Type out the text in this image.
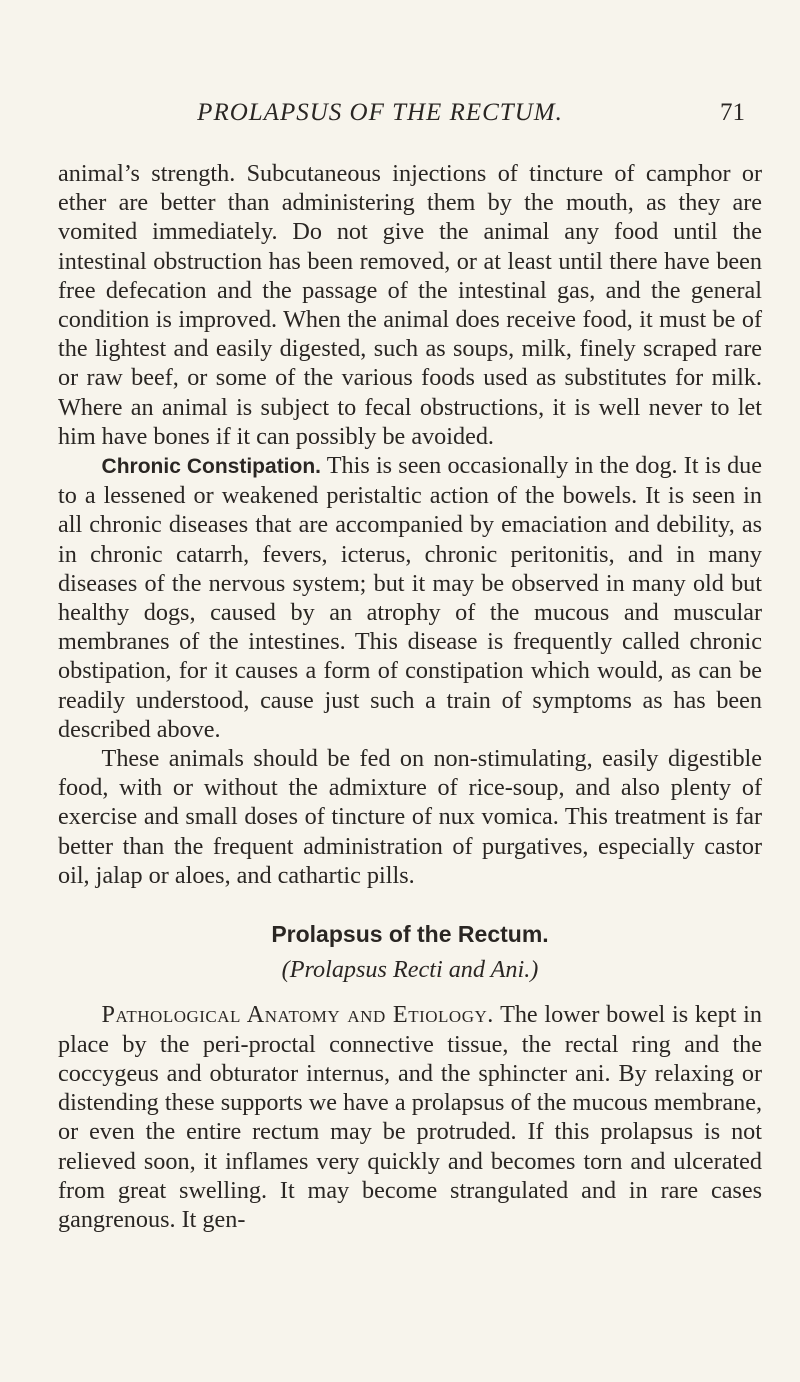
PROLAPSUS OF THE RECTUM.	71

animal’s strength. Subcutaneous injections of tincture of camphor or ether are better than administering them by the mouth, as they are vomited immediately. Do not give the animal any food until the intestinal obstruction has been removed, or at least until there have been free defecation and the passage of the intestinal gas, and the general condition is improved. When the animal does receive food, it must be of the lightest and easily digested, such as soups, milk, finely scraped rare or raw beef, or some of the various foods used as substitutes for milk. Where an animal is subject to fecal obstructions, it is well never to let him have bones if it can possibly be avoided.

Chronic Constipation. This is seen occasionally in the dog. It is due to a lessened or weakened peristaltic action of the bowels. It is seen in all chronic diseases that are accompanied by emaciation and debility, as in chronic catarrh, fevers, icterus, chronic peritonitis, and in many diseases of the nervous system; but it may be observed in many old but healthy dogs, caused by an atrophy of the mucous and muscular membranes of the intestines. This disease is frequently called chronic obstipation, for it causes a form of constipation which would, as can be readily understood, cause just such a train of symptoms as has been described above.

These animals should be fed on non-stimulating, easily digestible food, with or without the admixture of rice-soup, and also plenty of exercise and small doses of tincture of nux vomica. This treatment is far better than the frequent administration of purgatives, especially castor oil, jalap or aloes, and cathartic pills.

Prolapsus of the Rectum.
(Prolapsus Recti and Ani.)

Pathological Anatomy and Etiology. The lower bowel is kept in place by the peri-proctal connective tissue, the rectal ring and the coccygeus and obturator internus, and the sphincter ani. By relaxing or distending these supports we have a prolapsus of the mucous membrane, or even the entire rectum may be protruded. If this prolapsus is not relieved soon, it inflames very quickly and becomes torn and ulcerated from great swelling. It may become strangulated and in rare cases gangrenous. It gen-
